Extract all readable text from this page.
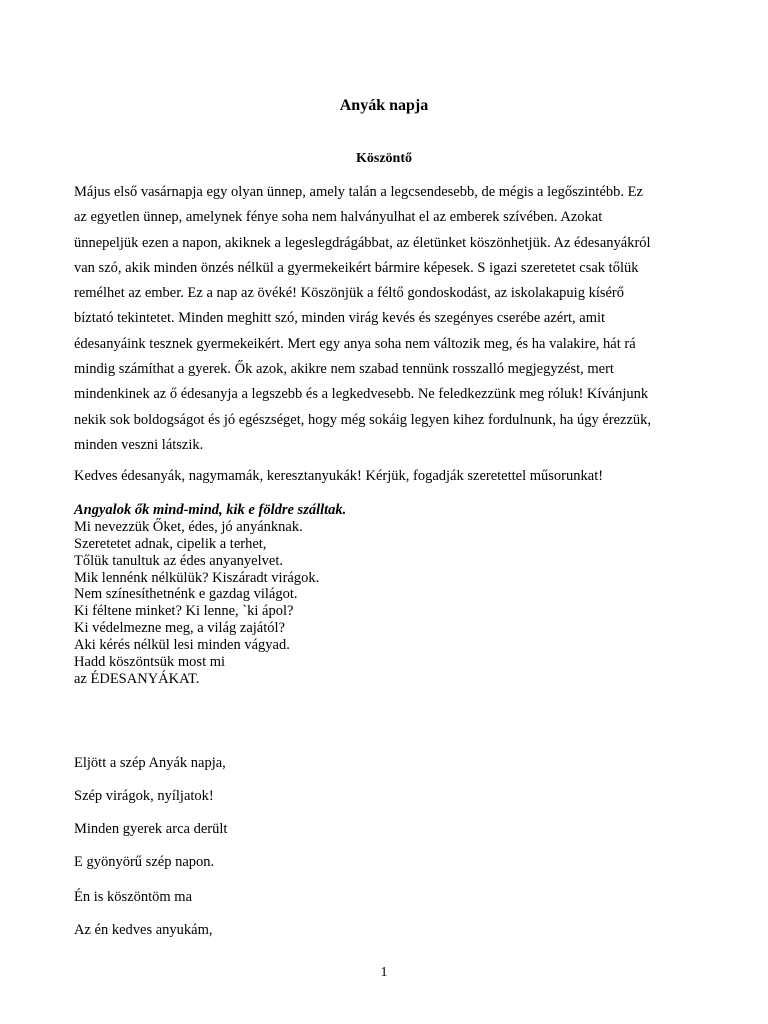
Anyák napja
Köszöntő
Május első vasárnapja egy olyan ünnep, amely talán a legcsendesebb, de mégis a legőszintébb. Ez
az egyetlen ünnep, amelynek fénye soha nem halványulhat el az emberek szívében. Azokat
ünnepeljük ezen a napon, akiknek a legeslegdrágábbat, az életünket köszönhetjük. Az édesanyákról
van szó, akik minden önzés nélkül a gyermekeikért bármire képesek. S igazi szeretetet csak tőlük
remélhet az ember. Ez a nap az övéké! Köszönjük a féltő gondoskodást, az iskolakapuig kísérő
bíztató tekintetet. Minden meghitt szó, minden virág kevés és szegényes cserébe azért, amit
édesanyáink tesznek gyermekeikért. Mert egy anya soha nem változik meg, és ha valakire, hát rá
mindig számíthat a gyerek. Ők azok, akikre nem szabad tennünk rosszalló megjegyzést, mert
mindenkinek az ő édesanyja a legszebb és a legkedvesebb. Ne feledkezzünk meg róluk! Kívánjunk
nekik sok boldogságot és jó egészséget, hogy még sokáig legyen kihez fordulnunk, ha úgy érezzük,
minden veszni látszik.
Kedves édesanyák, nagymamák, keresztanyukák! Kérjük, fogadják szeretettel műsorunkat!
Angyalok ők mind-mind, kik e földre szálltak.
Mi nevezzük Őket, édes, jó anyánknak.
Szeretetet adnak, cipelik a terhet,
Tőlük tanultuk az édes anyanyelvet.
Mik lennénk nélkülük? Kiszáradt virágok.
Nem színesíthetnénk e gazdag világot.
Ki féltene minket? Ki lenne, `ki ápol?
Ki védelmezne meg, a világ zajától?
Aki kérés nélkül lesi minden vágyad.
Hadd köszöntsük most mi
az ÉDESANYÁKAT.
Eljött a szép Anyák napja,
Szép virágok, nyíljatok!
Minden gyerek arca derült
E gyönyörű szép napon.
Én is köszöntöm ma
Az én kedves anyukám,
1
